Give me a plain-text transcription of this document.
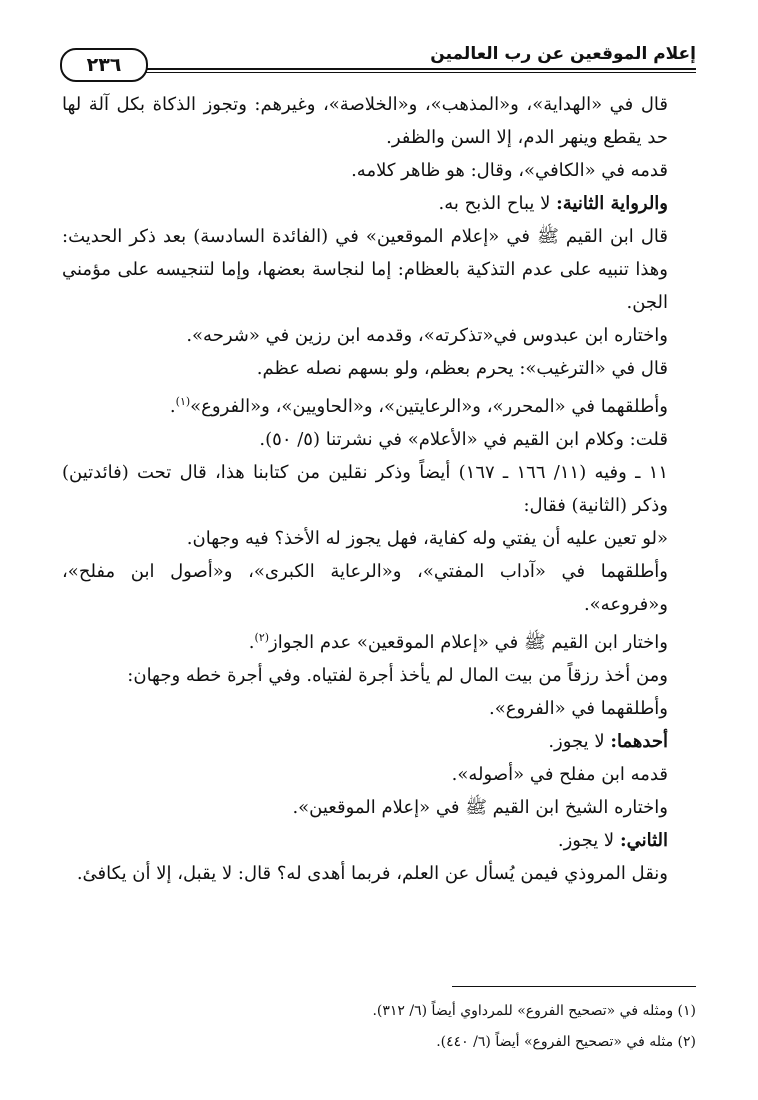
إعلام الموقعين عن رب العالمين
٢٣٦

قال في «الهداية»، و«المذهب»، و«الخلاصة»، وغيرهم: وتجوز الذكاة بكل آلة لها حد يقطع وينهر الدم، إلا السن والظفر.

قدمه في «الكافي»، وقال: هو ظاهر كلامه.

والرواية الثانية: لا يباح الذبح به.

قال ابن القيم ﷺ في «إعلام الموقعين» في (الفائدة السادسة) بعد ذكر الحديث: وهذا تنبيه على عدم التذكية بالعظام: إما لنجاسة بعضها، وإما لتنجيسه على مؤمني الجن.

واختاره ابن عبدوس في«تذكرته»، وقدمه ابن رزين في «شرحه».

قال في «الترغيب»: يحرم بعظم، ولو بسهم نصله عظم.

وأطلقهما في «المحرر»، و«الرعايتين»، و«الحاويين»، و«الفروع»$^{(١)}$.

قلت: وكلام ابن القيم في «الأعلام» في نشرتنا (٥/ ٥٠).

١١ ـ وفيه (١١/ ١٦٦ ـ ١٦٧) أيضاً وذكر نقلين من كتابنا هذا، قال تحت (فائدتين) وذكر (الثانية) فقال:

«لو تعين عليه أن يفتي وله كفاية، فهل يجوز له الأخذ؟ فيه وجهان.

وأطلقهما في «آداب المفتي»، و«الرعاية الكبرى»، و«أصول ابن مفلح»، و«فروعه».

واختار ابن القيم ﷺ في «إعلام الموقعين» عدم الجواز$^{(٢)}$.

ومن أخذ رزقاً من بيت المال لم يأخذ أجرة لفتياه. وفي أجرة خطه وجهان:

وأطلقهما في «الفروع».

أحدهما: لا يجوز.

قدمه ابن مفلح في «أصوله».

واختاره الشيخ ابن القيم ﷺ في «إعلام الموقعين».

الثاني: لا يجوز.

ونقل المروذي فيمن يُسأل عن العلم، فربما أهدى له؟ قال: لا يقبل، إلا أن يكافئ.

(١) ومثله في «تصحيح الفروع» للمرداوي أيضاً (٦/ ٣١٢).

(٢) مثله في «تصحيح الفروع» أيضاً (٦/ ٤٤٠).
